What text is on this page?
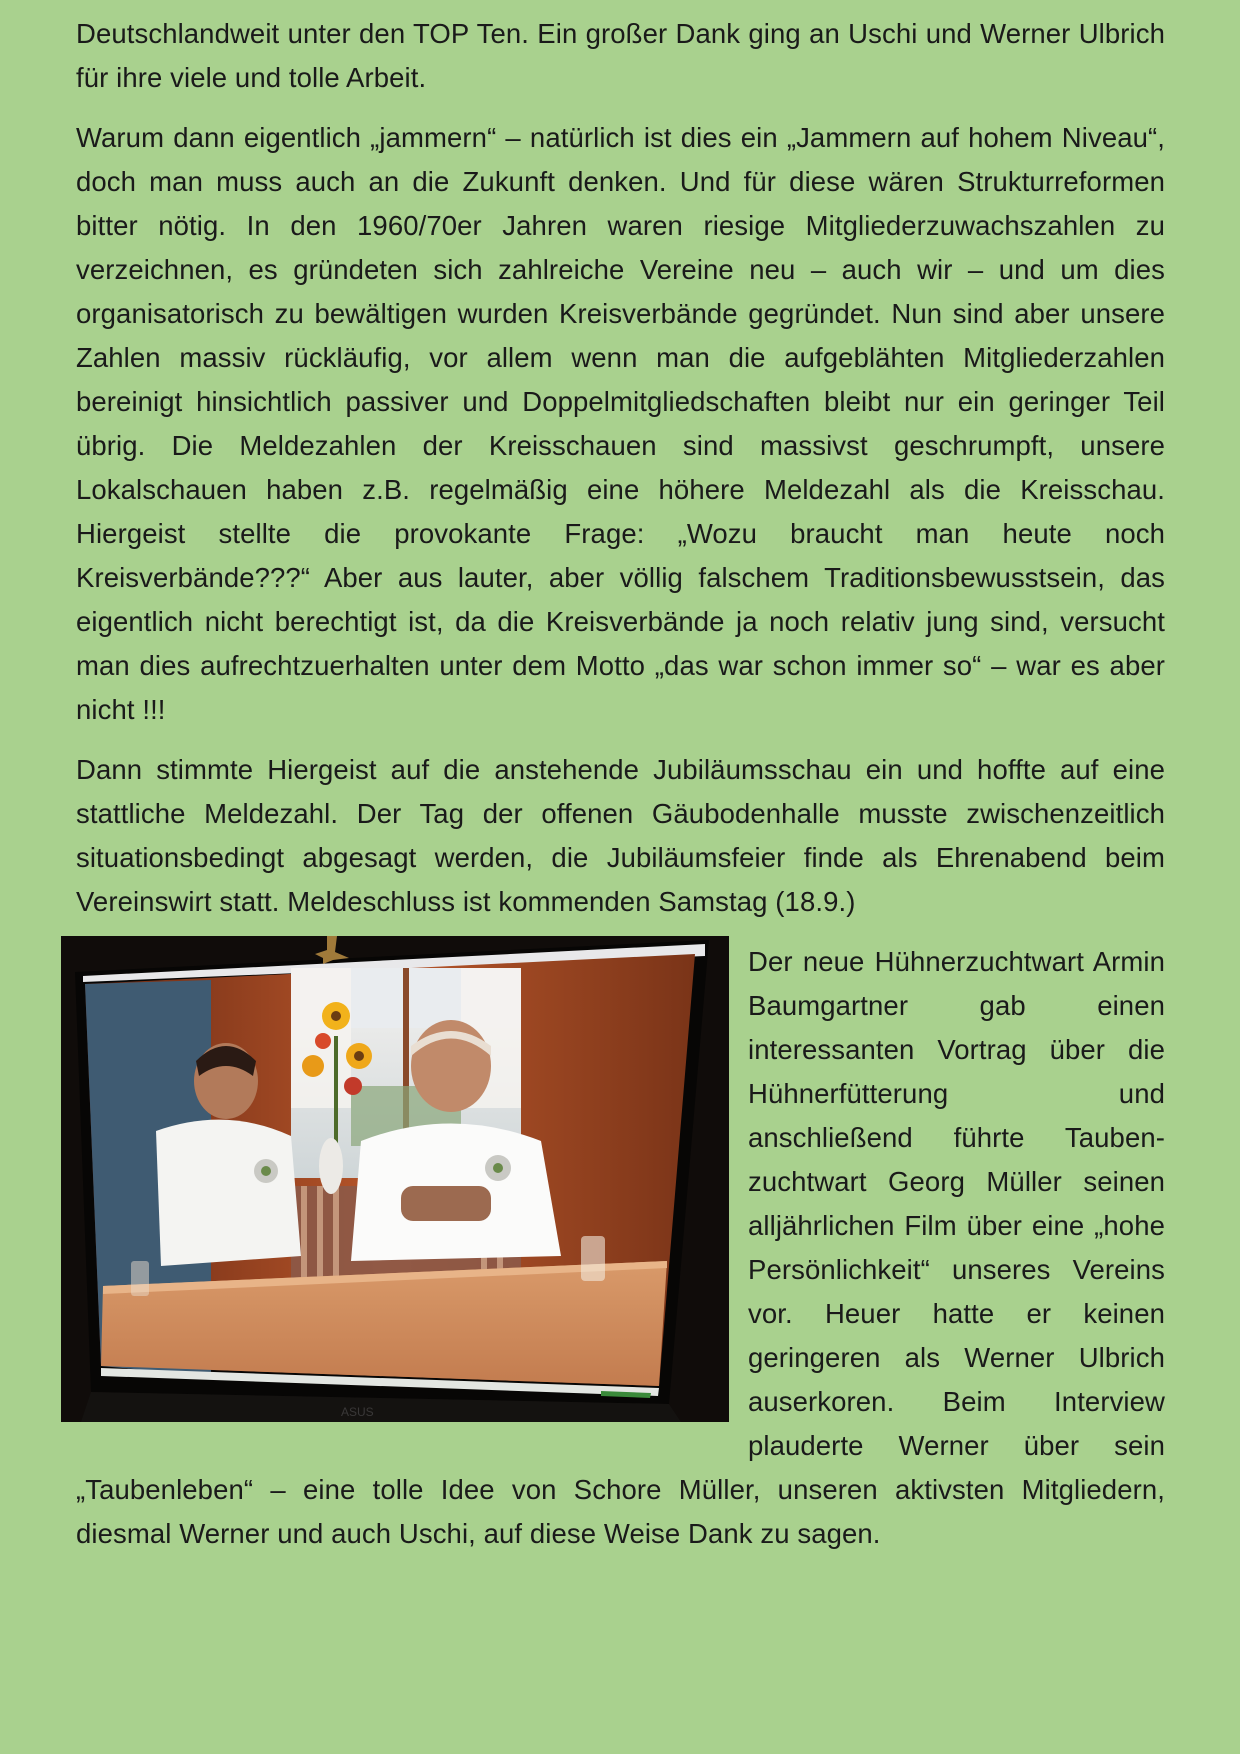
Deutschlandweit unter den TOP Ten. Ein großer Dank ging an Uschi und Werner Ulbrich für ihre viele und tolle Arbeit.

Warum dann eigentlich „jammern“ – natürlich ist dies ein „Jammern auf hohem Niveau“, doch man muss auch an die Zukunft denken. Und für diese wären Strukturreformen bitter nötig. In den 1960/70er Jahren waren riesige Mitgliederzuwachszahlen zu verzeichnen, es gründeten sich zahlreiche Vereine neu – auch wir – und um dies organisatorisch zu bewältigen wurden Kreisverbände gegründet. Nun sind aber unsere Zahlen massiv rückläufig, vor allem wenn man die aufgeblähten Mitgliederzahlen bereinigt hinsichtlich passiver und Doppelmitgliedschaften bleibt nur ein geringer Teil übrig. Die Meldezahlen der Kreisschauen sind massivst geschrumpft, unsere Lokalschauen haben z.B. regelmäßig eine höhere Meldezahl als die Kreisschau. Hiergeist stellte die provokante Frage: „Wozu braucht man heute noch Kreisverbände???“ Aber aus lauter, aber völlig falschem Traditionsbewusstsein, das eigentlich nicht berechtigt ist, da die Kreisverbände ja noch relativ jung sind, versucht man dies aufrechtzuerhalten unter dem Motto „das war schon immer so“ – war es aber nicht !!!

Dann stimmte Hiergeist auf die anstehende Jubiläumsschau ein und hoffte auf eine stattliche Meldezahl. Der Tag der offenen Gäubodenhalle musste zwischenzeitlich situationsbedingt abgesagt werden, die Jubiläumsfeier finde als Ehrenabend beim Vereinswirt statt. Meldeschluss ist kommenden Samstag (18.9.)

ASUS

Der neue Hühnerzuchtwart Armin Baumgartner gab einen interessanten Vortrag über die Hühnerfütterung und anschließend führte Tauben-zuchtwart Georg Müller seinen alljährlichen Film über eine „hohe Persönlichkeit“ unseres Vereins vor. Heuer hatte er keinen geringeren als Werner Ulbrich auserkoren. Beim Interview plauderte Werner über sein „Taubenleben“ – eine tolle Idee von Schore Müller, unseren aktivsten Mitgliedern, diesmal Werner und auch Uschi, auf diese Weise Dank zu sagen.
